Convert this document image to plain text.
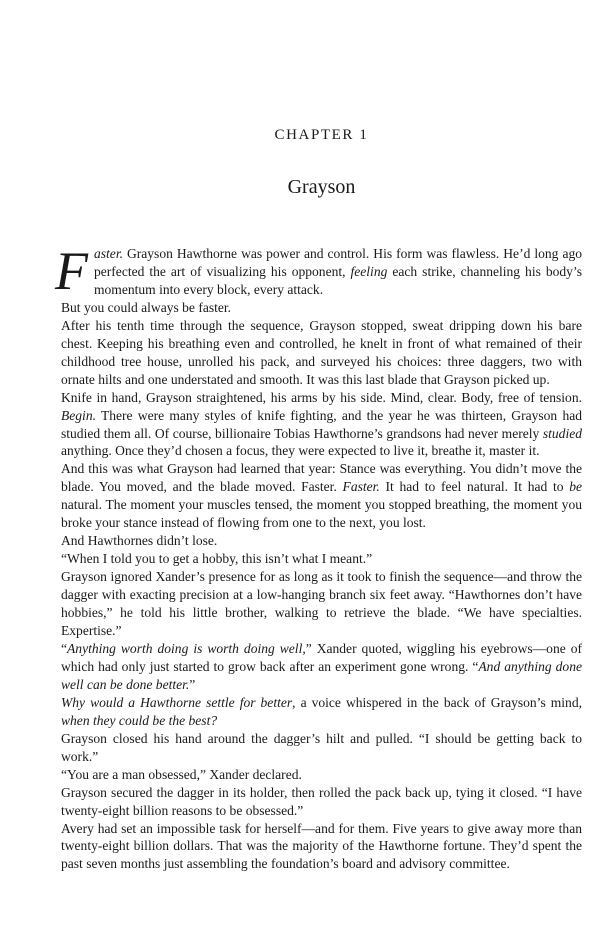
CHAPTER 1
Grayson

Faster. Grayson Hawthorne was power and control. His form was flawless. He’d long ago perfected the art of visualizing his opponent, feeling each strike, channeling his body’s momentum into every block, every attack.

But you could always be faster.

After his tenth time through the sequence, Grayson stopped, sweat dripping down his bare chest. Keeping his breathing even and controlled, he knelt in front of what remained of their childhood tree house, unrolled his pack, and surveyed his choices: three daggers, two with ornate hilts and one understated and smooth. It was this last blade that Grayson picked up.

Knife in hand, Grayson straightened, his arms by his side. Mind, clear. Body, free of tension. Begin. There were many styles of knife fighting, and the year he was thirteen, Grayson had studied them all. Of course, billionaire Tobias Hawthorne’s grandsons had never merely studied anything. Once they’d chosen a focus, they were expected to live it, breathe it, master it.

And this was what Grayson had learned that year: Stance was everything. You didn’t move the blade. You moved, and the blade moved. Faster. Faster. It had to feel natural. It had to be natural. The moment your muscles tensed, the moment you stopped breathing, the moment you broke your stance instead of flowing from one to the next, you lost.

And Hawthornes didn’t lose.

“When I told you to get a hobby, this isn’t what I meant.”

Grayson ignored Xander’s presence for as long as it took to finish the sequence—and throw the dagger with exacting precision at a low-hanging branch six feet away. “Hawthornes don’t have hobbies,” he told his little brother, walking to retrieve the blade. “We have specialties. Expertise.”

“Anything worth doing is worth doing well,” Xander quoted, wiggling his eyebrows—one of which had only just started to grow back after an experiment gone wrong. “And anything done well can be done better.”

Why would a Hawthorne settle for better, a voice whispered in the back of Grayson’s mind, when they could be the best?

Grayson closed his hand around the dagger’s hilt and pulled. “I should be getting back to work.”

“You are a man obsessed,” Xander declared.

Grayson secured the dagger in its holder, then rolled the pack back up, tying it closed. “I have twenty-eight billion reasons to be obsessed.”

Avery had set an impossible task for herself—and for them. Five years to give away more than twenty-eight billion dollars. That was the majority of the Hawthorne fortune. They’d spent the past seven months just assembling the foundation’s board and advisory committee.
